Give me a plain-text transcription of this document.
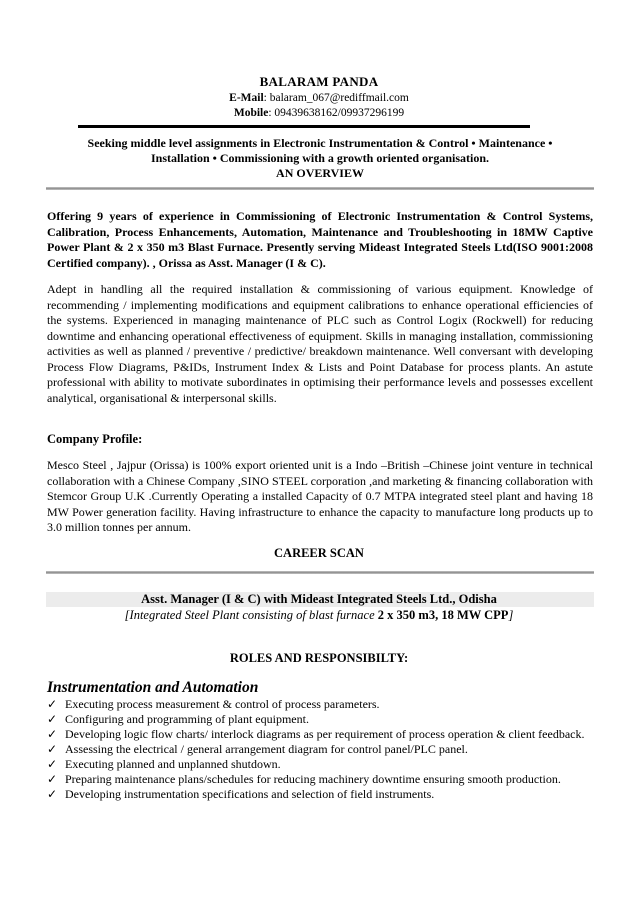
BALARAM PANDA
E-Mail: balaram_067@rediffmail.com
Mobile: 09439638162/09937296199
Seeking middle level assignments in Electronic Instrumentation & Control • Maintenance •
Installation • Commissioning with a growth oriented organisation.
AN OVERVIEW
Offering 9 years of experience in Commissioning of Electronic Instrumentation & Control Systems, Calibration, Process Enhancements, Automation, Maintenance and Troubleshooting in 18MW Captive Power Plant & 2 x 350 m3 Blast Furnace. Presently serving Mideast Integrated Steels Ltd(ISO 9001:2008 Certified company). , Orissa as Asst. Manager (I & C).
Adept in handling all the required installation & commissioning of various equipment. Knowledge of recommending / implementing modifications and equipment calibrations to enhance operational efficiencies of the systems. Experienced in managing maintenance of PLC such as Control Logix (Rockwell) for reducing downtime and enhancing operational effectiveness of equipment. Skills in managing installation, commissioning activities as well as planned / preventive / predictive/ breakdown maintenance. Well conversant with developing Process Flow Diagrams, P&IDs, Instrument Index & Lists and Point Database for process plants. An astute professional with ability to motivate subordinates in optimising their performance levels and possesses excellent analytical, organisational & interpersonal skills.
Company Profile:
Mesco Steel , Jajpur (Orissa) is 100% export oriented unit is a Indo –British –Chinese joint venture in technical collaboration with a Chinese Company ,SINO STEEL corporation ,and marketing & financing collaboration with Stemcor Group U.K .Currently Operating a installed Capacity of 0.7 MTPA integrated steel plant and having 18 MW Power generation facility. Having infrastructure to enhance the capacity to manufacture long products up to 3.0 million tonnes per annum.
CAREER SCAN
Asst. Manager (I & C) with Mideast Integrated Steels Ltd., Odisha
[Integrated Steel Plant consisting of blast furnace 2 x 350 m3, 18 MW CPP]
ROLES AND RESPONSIBILTY:
Instrumentation and Automation
✓ Executing process measurement & control of process parameters.
✓ Configuring and programming of plant equipment.
✓ Developing logic flow charts/ interlock diagrams as per requirement of process operation & client feedback.
✓ Assessing the electrical / general arrangement diagram for control panel/PLC panel.
✓ Executing planned and unplanned shutdown.
✓ Preparing maintenance plans/schedules for reducing machinery downtime ensuring smooth production.
✓ Developing instrumentation specifications and selection of field instruments.
